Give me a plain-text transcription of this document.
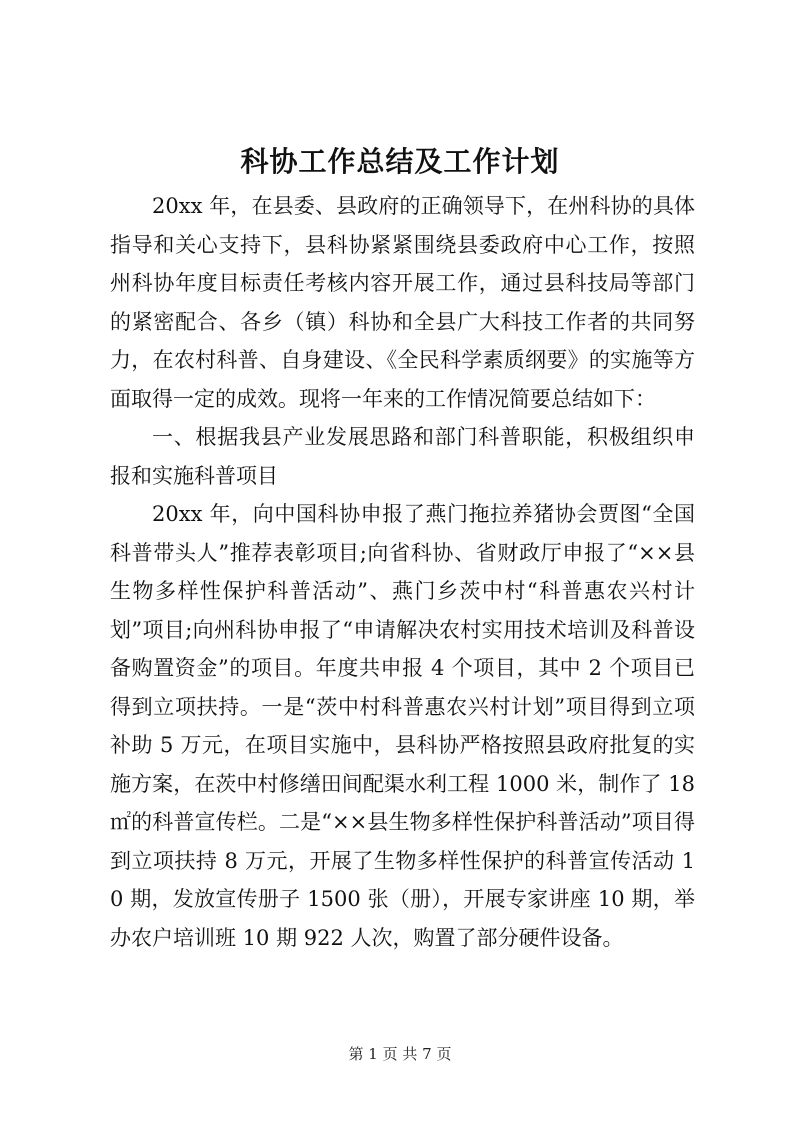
科协工作总结及工作计划

20xx 年，在县委、县政府的正确领导下，在州科协的具体指导和关心支持下，县科协紧紧围绕县委政府中心工作，按照州科协年度目标责任考核内容开展工作，通过县科技局等部门的紧密配合、各乡（镇）科协和全县广大科技工作者的共同努力，在农村科普、自身建设、《全民科学素质纲要》的实施等方面取得一定的成效。现将一年来的工作情况简要总结如下：

一、根据我县产业发展思路和部门科普职能，积极组织申报和实施科普项目

20xx 年，向中国科协申报了燕门拖拉养猪协会贾图“全国科普带头人”推荐表彰项目;向省科协、省财政厅申报了“××县生物多样性保护科普活动”、燕门乡茨中村“科普惠农兴村计划”项目;向州科协申报了“申请解决农村实用技术培训及科普设备购置资金”的项目。年度共申报 4 个项目，其中 2 个项目已得到立项扶持。一是“茨中村科普惠农兴村计划”项目得到立项补助 5 万元，在项目实施中，县科协严格按照县政府批复的实施方案，在茨中村修缮田间配渠水利工程 1000 米，制作了 18㎡的科普宣传栏。二是“××县生物多样性保护科普活动”项目得到立项扶持 8 万元，开展了生物多样性保护的科普宣传活动 10 期，发放宣传册子 1500 张（册），开展专家讲座 10 期，举办农户培训班 10 期 922 人次，购置了部分硬件设备。

第 1 页 共 7 页
